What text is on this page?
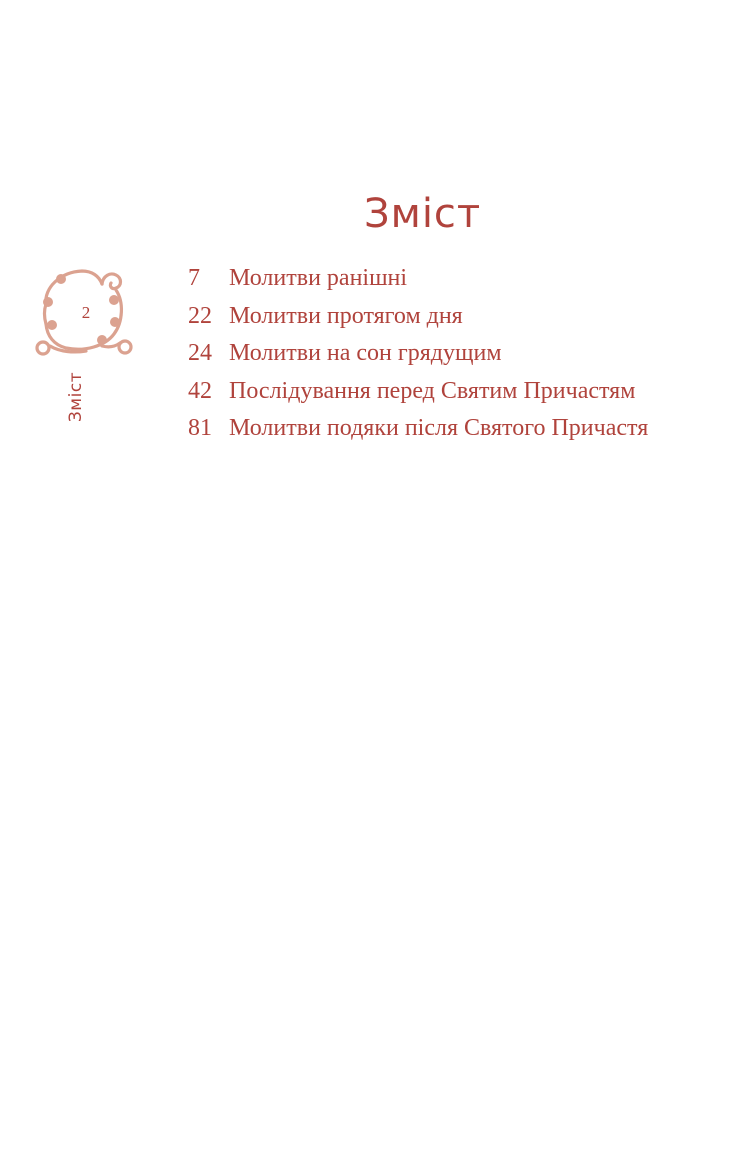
Зміст
2
Зміст
7	Молитви ранішні
22 Молитви протягом дня
24 Молитви на сон грядущим
42 Послідування перед Святим Причастям
81 Молитви подяки після Святого Причастя
